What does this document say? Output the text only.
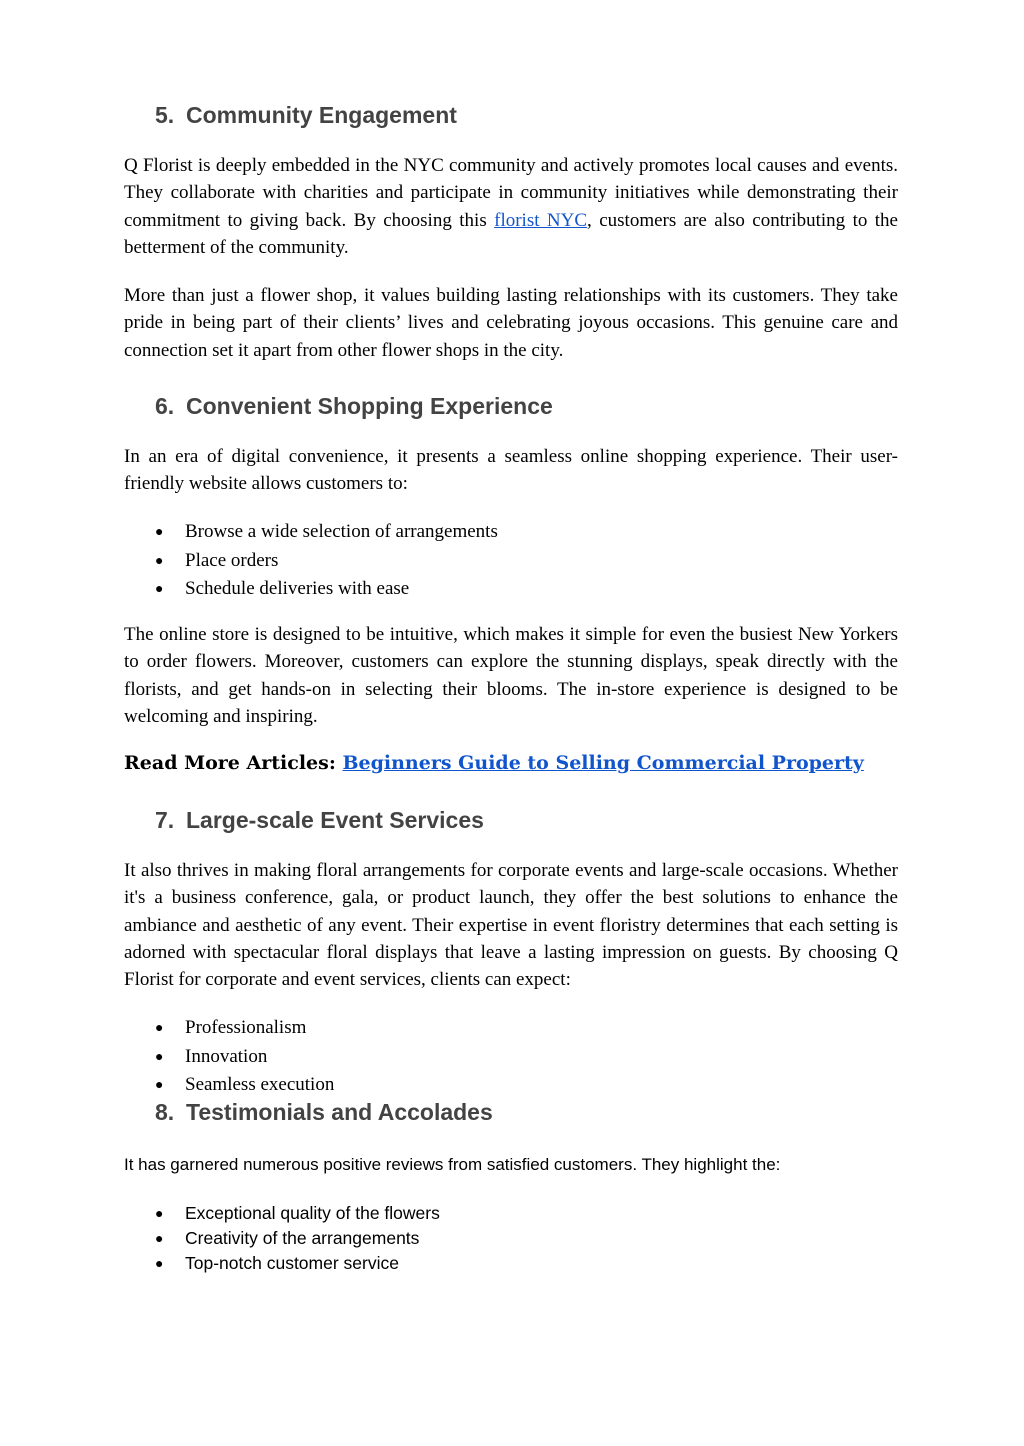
5. Community Engagement

Q Florist is deeply embedded in the NYC community and actively promotes local causes and events. They collaborate with charities and participate in community initiatives while demonstrating their commitment to giving back. By choosing this florist NYC, customers are also contributing to the betterment of the community.

More than just a flower shop, it values building lasting relationships with its customers. They take pride in being part of their clients’ lives and celebrating joyous occasions. This genuine care and connection set it apart from other flower shops in the city.

6. Convenient Shopping Experience

In an era of digital convenience, it presents a seamless online shopping experience. Their user-friendly website allows customers to:

● Browse a wide selection of arrangements
● Place orders
● Schedule deliveries with ease

The online store is designed to be intuitive, which makes it simple for even the busiest New Yorkers to order flowers. Moreover, customers can explore the stunning displays, speak directly with the florists, and get hands-on in selecting their blooms. The in-store experience is designed to be welcoming and inspiring.

Read More Articles: Beginners Guide to Selling Commercial Property

7. Large-scale Event Services

It also thrives in making floral arrangements for corporate events and large-scale occasions. Whether it's a business conference, gala, or product launch, they offer the best solutions to enhance the ambiance and aesthetic of any event. Their expertise in event floristry determines that each setting is adorned with spectacular floral displays that leave a lasting impression on guests. By choosing Q Florist for corporate and event services, clients can expect:

● Professionalism
● Innovation
● Seamless execution
8. Testimonials and Accolades

It has garnered numerous positive reviews from satisfied customers. They highlight the:

● Exceptional quality of the flowers
● Creativity of the arrangements
● Top-notch customer service
